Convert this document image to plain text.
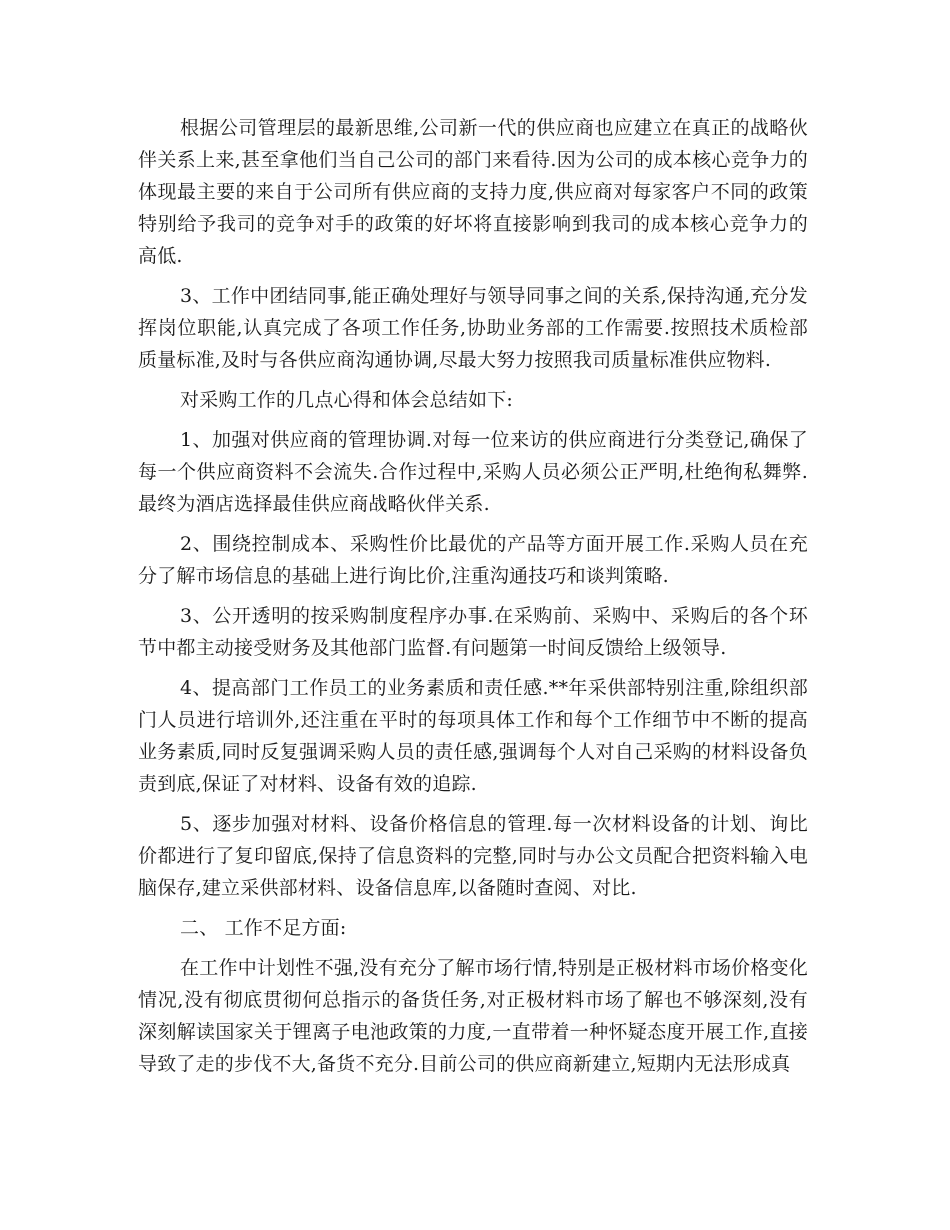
根据公司管理层的最新思维,公司新一代的供应商也应建立在真正的战略伙伴关系上来,甚至拿他们当自己公司的部门来看待.因为公司的成本核心竞争力的体现最主要的来自于公司所有供应商的支持力度,供应商对每家客户不同的政策特别给予我司的竞争对手的政策的好坏将直接影响到我司的成本核心竞争力的高低.

3、工作中团结同事,能正确处理好与领导同事之间的关系,保持沟通,充分发挥岗位职能,认真完成了各项工作任务,协助业务部的工作需要.按照技术质检部质量标准,及时与各供应商沟通协调,尽最大努力按照我司质量标准供应物料.

对采购工作的几点心得和体会总结如下:

1、加强对供应商的管理协调.对每一位来访的供应商进行分类登记,确保了每一个供应商资料不会流失.合作过程中,采购人员必须公正严明,杜绝徇私舞弊.最终为酒店选择最佳供应商战略伙伴关系.

2、围绕控制成本、采购性价比最优的产品等方面开展工作.采购人员在充分了解市场信息的基础上进行询比价,注重沟通技巧和谈判策略.

3、公开透明的按采购制度程序办事.在采购前、采购中、采购后的各个环节中都主动接受财务及其他部门监督.有问题第一时间反馈给上级领导.

4、提高部门工作员工的业务素质和责任感.**年采供部特别注重,除组织部门人员进行培训外,还注重在平时的每项具体工作和每个工作细节中不断的提高业务素质,同时反复强调采购人员的责任感,强调每个人对自己采购的材料设备负责到底,保证了对材料、设备有效的追踪.

5、逐步加强对材料、设备价格信息的管理.每一次材料设备的计划、询比价都进行了复印留底,保持了信息资料的完整,同时与办公文员配合把资料输入电脑保存,建立采供部材料、设备信息库,以备随时查阅、对比.

二、 工作不足方面:

在工作中计划性不强,没有充分了解市场行情,特别是正极材料市场价格变化情况,没有彻底贯彻何总指示的备货任务,对正极材料市场了解也不够深刻,没有深刻解读国家关于锂离子电池政策的力度,一直带着一种怀疑态度开展工作,直接导致了走的步伐不大,备货不充分.目前公司的供应商新建立,短期内无法形成真
